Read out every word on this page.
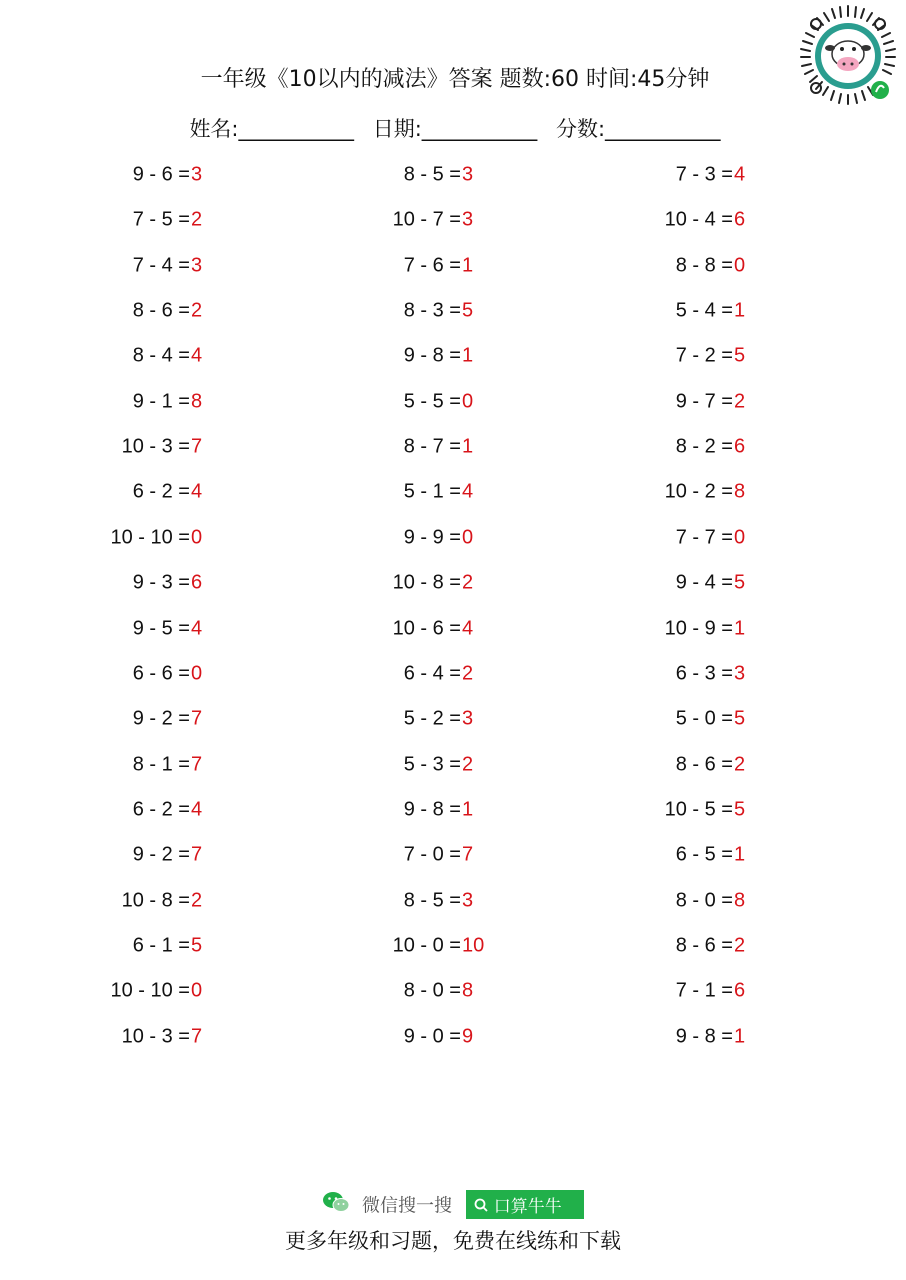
一年级《10以内的减法》答案 题数:60 时间:45分钟
姓名:___________ 日期:___________ 分数:___________
9 - 6 = 3
7 - 5 = 2
7 - 4 = 3
8 - 6 = 2
8 - 4 = 4
9 - 1 = 8
10 - 3 = 7
6 - 2 = 4
10 - 10 = 0
9 - 3 = 6
9 - 5 = 4
6 - 6 = 0
9 - 2 = 7
8 - 1 = 7
6 - 2 = 4
9 - 2 = 7
10 - 8 = 2
6 - 1 = 5
10 - 10 = 0
10 - 3 = 7
8 - 5 = 3
10 - 7 = 3
7 - 6 = 1
8 - 3 = 5
9 - 8 = 1
5 - 5 = 0
8 - 7 = 1
5 - 1 = 4
9 - 9 = 0
10 - 8 = 2
10 - 6 = 4
6 - 4 = 2
5 - 2 = 3
5 - 3 = 2
9 - 8 = 1
7 - 0 = 7
8 - 5 = 3
10 - 0 = 10
8 - 0 = 8
9 - 0 = 9
7 - 3 = 4
10 - 4 = 6
8 - 8 = 0
5 - 4 = 1
7 - 2 = 5
9 - 7 = 2
8 - 2 = 6
10 - 2 = 8
7 - 7 = 0
9 - 4 = 5
10 - 9 = 1
6 - 3 = 3
5 - 0 = 5
8 - 6 = 2
10 - 5 = 5
6 - 5 = 1
8 - 0 = 8
8 - 6 = 2
7 - 1 = 6
9 - 8 = 1
微信搜一搜 口算牛牛
更多年级和习题，免费在线练和下载
